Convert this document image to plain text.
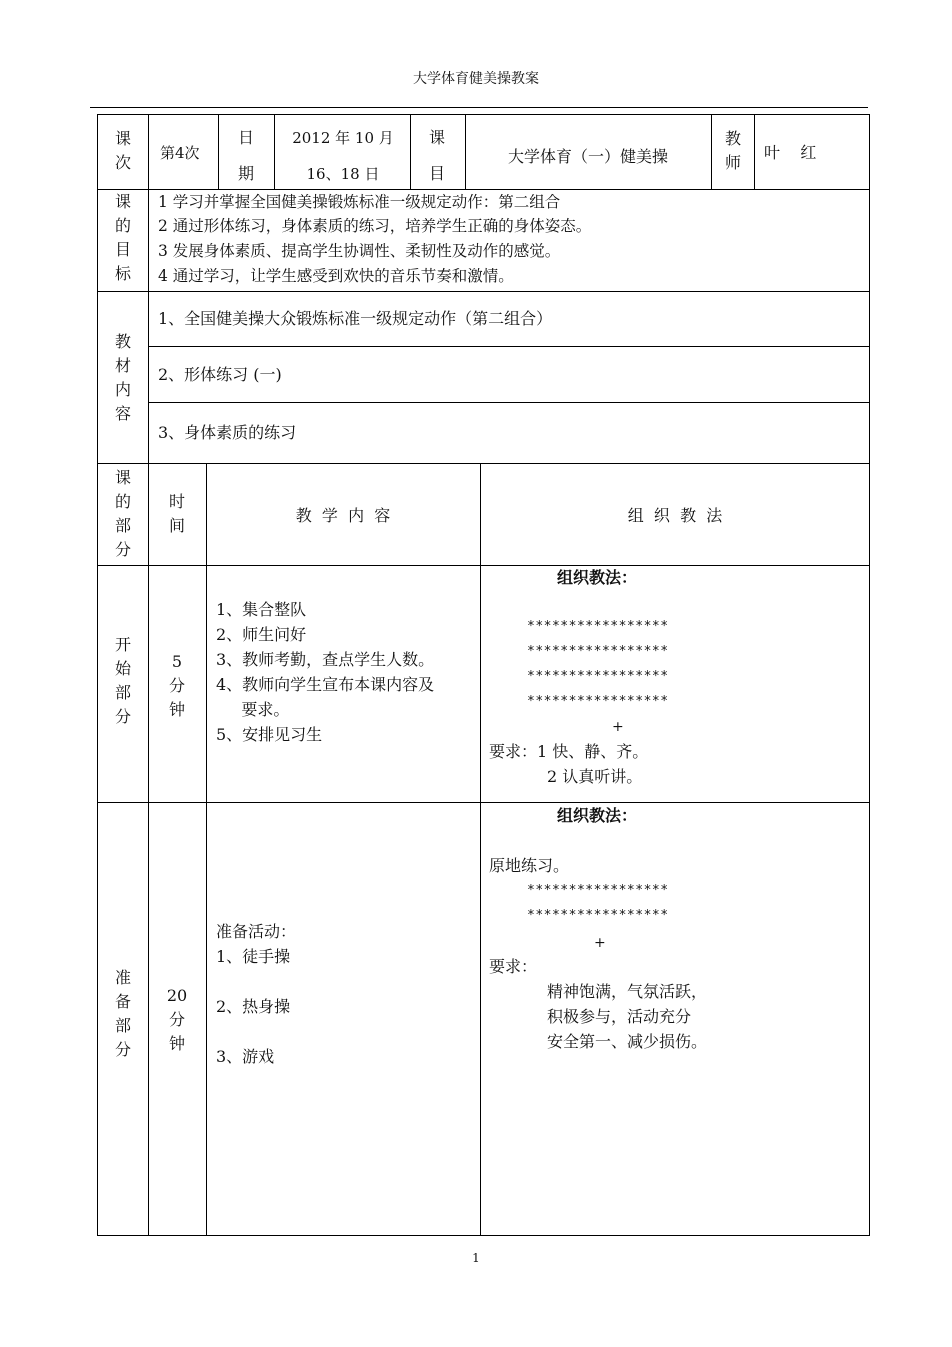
大学体育健美操教案
课次 第4次
日
期
2012 年 10 月
16、18 日
课
目
大学体育（一）健美操
教师
叶    红
课的目标
1 学习并掌握全国健美操锻炼标准一级规定动作：第二组合
2 通过形体练习，身体素质的练习，培养学生正确的身体姿态。
3 发展身体素质、提高学生协调性、柔韧性及动作的感觉。
4 通过学习，让学生感受到欢快的音乐节奏和激情。
教材内容
1、全国健美操大众锻炼标准一级规定动作（第二组合）
2、形体练习 (一)
3、身体素质的练习
课的部分
时间
教  学  内  容	组  织  教  法
开始部分
5分钟
1、集合整队
2、师生问好
3、教师考勤，查点学生人数。
4、教师向学生宣布本课内容及
要求。
5、安排见习生
组织教法：
*****************
*****************
*****************
*****************
+
要求：1 快、静、齐。
2 认真听讲。
准备部分
20分钟
准备活动：
1、徒手操
2、热身操
3、游戏
组织教法：
原地练习。
*****************
*****************
+
要求：
精神饱满，气氛活跃，
积极参与，活动充分
安全第一、减少损伤。
1
